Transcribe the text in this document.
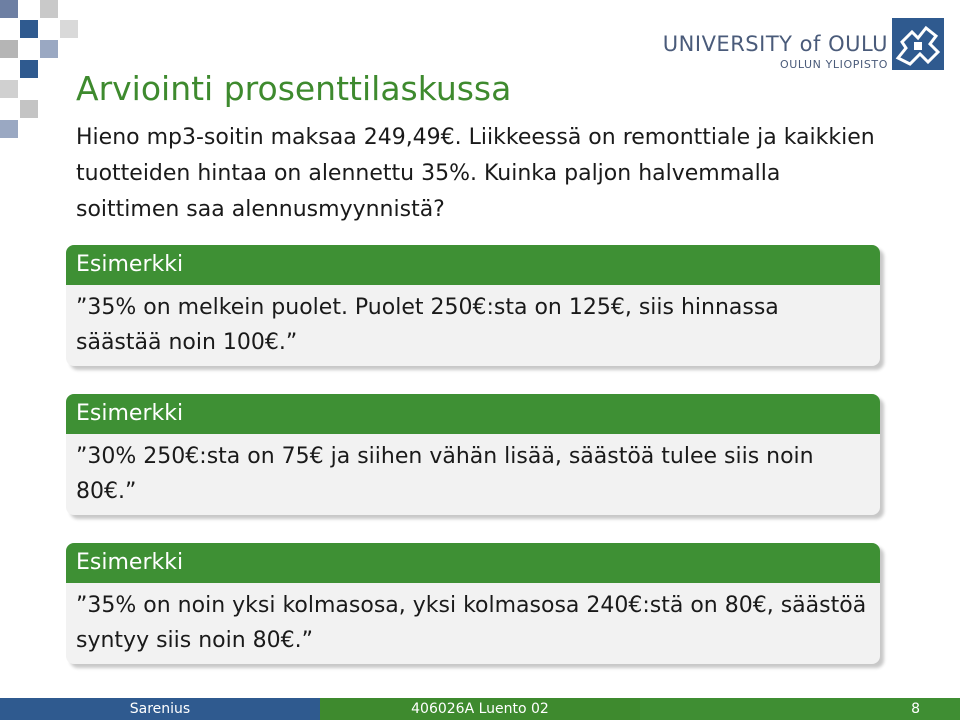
UNIVERSITY of OULU
OULUN YLIOPISTO
Arviointi prosenttilaskussa

Hieno mp3-soitin maksaa 249,49€. Liikkeessä on remonttiale ja kaikkien tuotteiden hintaa on alennettu 35%. Kuinka paljon halvemmalla soittimen saa alennusmyynnistä?

Esimerkki
”35% on melkein puolet. Puolet 250€:sta on 125€, siis hinnassa säästää noin 100€.”
Esimerkki
”30% 250€:sta on 75€ ja siihen vähän lisää, säästöä tulee siis noin 80€.”
Esimerkki
”35% on noin yksi kolmasosa, yksi kolmasosa 240€:stä on 80€, säästöä syntyy siis noin 80€.”
Sarenius	406026A Luento 02	8
